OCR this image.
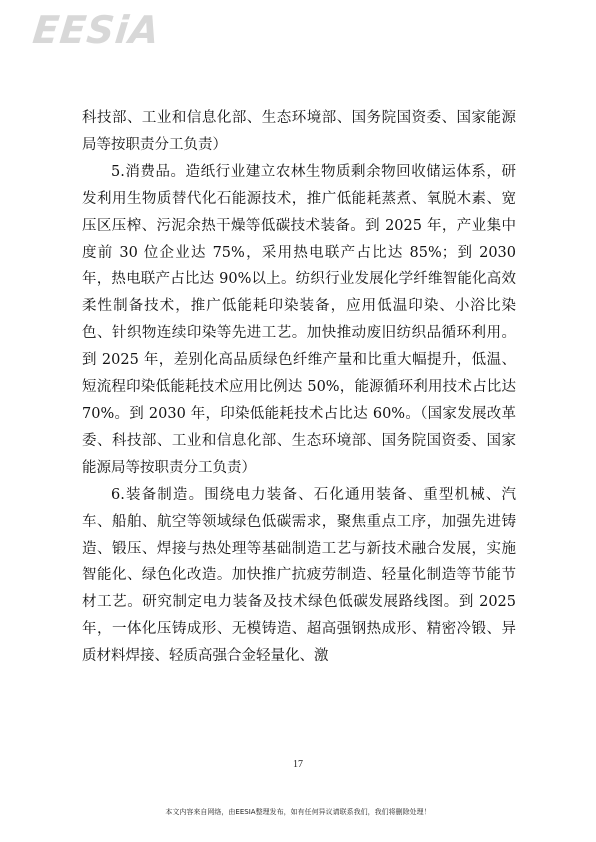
EESiA

科技部、工业和信息化部、生态环境部、国务院国资委、国家能源局等按职责分工负责）

5.消费品。造纸行业建立农林生物质剩余物回收储运体系，研发利用生物质替代化石能源技术，推广低能耗蒸煮、氧脱木素、宽压区压榨、污泥余热干燥等低碳技术装备。到 2025 年，产业集中度前 30 位企业达 75%，采用热电联产占比达 85%；到 2030 年，热电联产占比达 90%以上。纺织行业发展化学纤维智能化高效柔性制备技术，推广低能耗印染装备，应用低温印染、小浴比染色、针织物连续印染等先进工艺。加快推动废旧纺织品循环利用。到 2025 年，差别化高品质绿色纤维产量和比重大幅提升，低温、短流程印染低能耗技术应用比例达 50%，能源循环利用技术占比达 70%。到 2030 年，印染低能耗技术占比达 60%。（国家发展改革委、科技部、工业和信息化部、生态环境部、国务院国资委、国家能源局等按职责分工负责）

6.装备制造。围绕电力装备、石化通用装备、重型机械、汽车、船舶、航空等领域绿色低碳需求，聚焦重点工序，加强先进铸造、锻压、焊接与热处理等基础制造工艺与新技术融合发展，实施智能化、绿色化改造。加快推广抗疲劳制造、轻量化制造等节能节材工艺。研究制定电力装备及技术绿色低碳发展路线图。到 2025 年，一体化压铸成形、无模铸造、超高强钢热成形、精密冷锻、异质材料焊接、轻质高强合金轻量化、激

17
本文内容来自网络，由EESIA整理发布，如有任何异议请联系我们，我们将删除处理！
